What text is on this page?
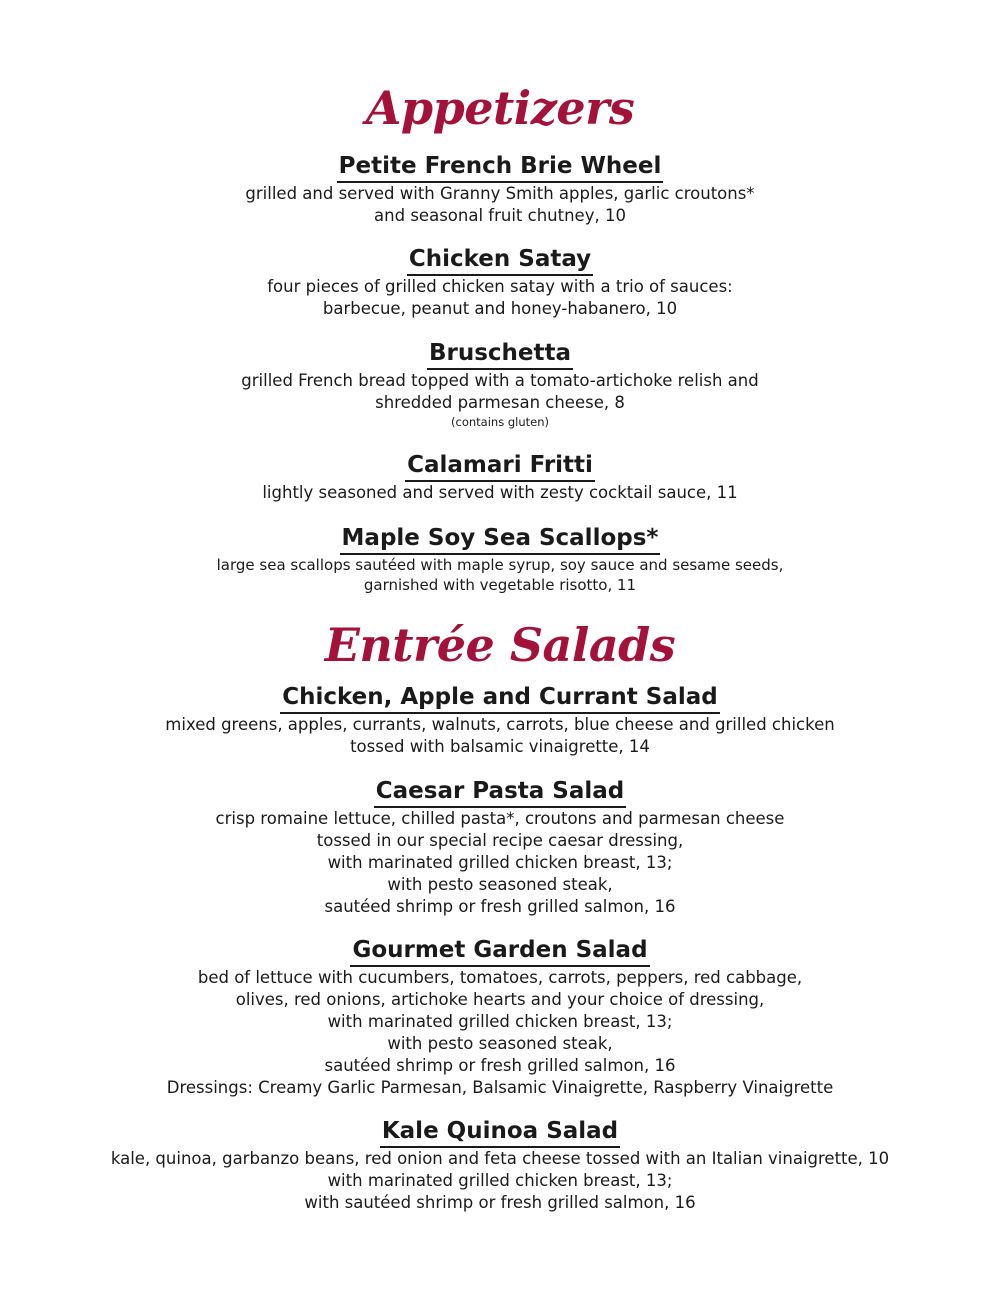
Appetizers
Petite French Brie Wheel

grilled and served with Granny Smith apples, garlic croutons*

and seasonal fruit chutney, 10

Chicken Satay

four pieces of grilled chicken satay with a trio of sauces:

barbecue, peanut and honey-habanero, 10

Bruschetta

grilled French bread topped with a tomato-artichoke relish and

shredded parmesan cheese, 8

(contains gluten)

Calamari Fritti

lightly seasoned and served with zesty cocktail sauce, 11

Maple Soy Sea Scallops*

large sea scallops sautéed with maple syrup, soy sauce and sesame seeds,

garnished with vegetable risotto, 11

Entrée Salads
Chicken, Apple and Currant Salad

mixed greens, apples, currants, walnuts, carrots, blue cheese and grilled chicken

tossed with balsamic vinaigrette, 14

Caesar Pasta Salad

crisp romaine lettuce, chilled pasta*, croutons and parmesan cheese

tossed in our special recipe caesar dressing,

with marinated grilled chicken breast, 13;

with pesto seasoned steak,

sautéed shrimp or fresh grilled salmon, 16

Gourmet Garden Salad

bed of lettuce with cucumbers, tomatoes, carrots, peppers, red cabbage,

olives, red onions, artichoke hearts and your choice of dressing,

with marinated grilled chicken breast, 13;

with pesto seasoned steak,

sautéed shrimp or fresh grilled salmon, 16

Dressings: Creamy Garlic Parmesan, Balsamic Vinaigrette, Raspberry Vinaigrette

Kale Quinoa Salad

kale, quinoa, garbanzo beans, red onion and feta cheese tossed with an Italian vinaigrette, 10

with marinated grilled chicken breast, 13;

with sautéed shrimp or fresh grilled salmon, 16
